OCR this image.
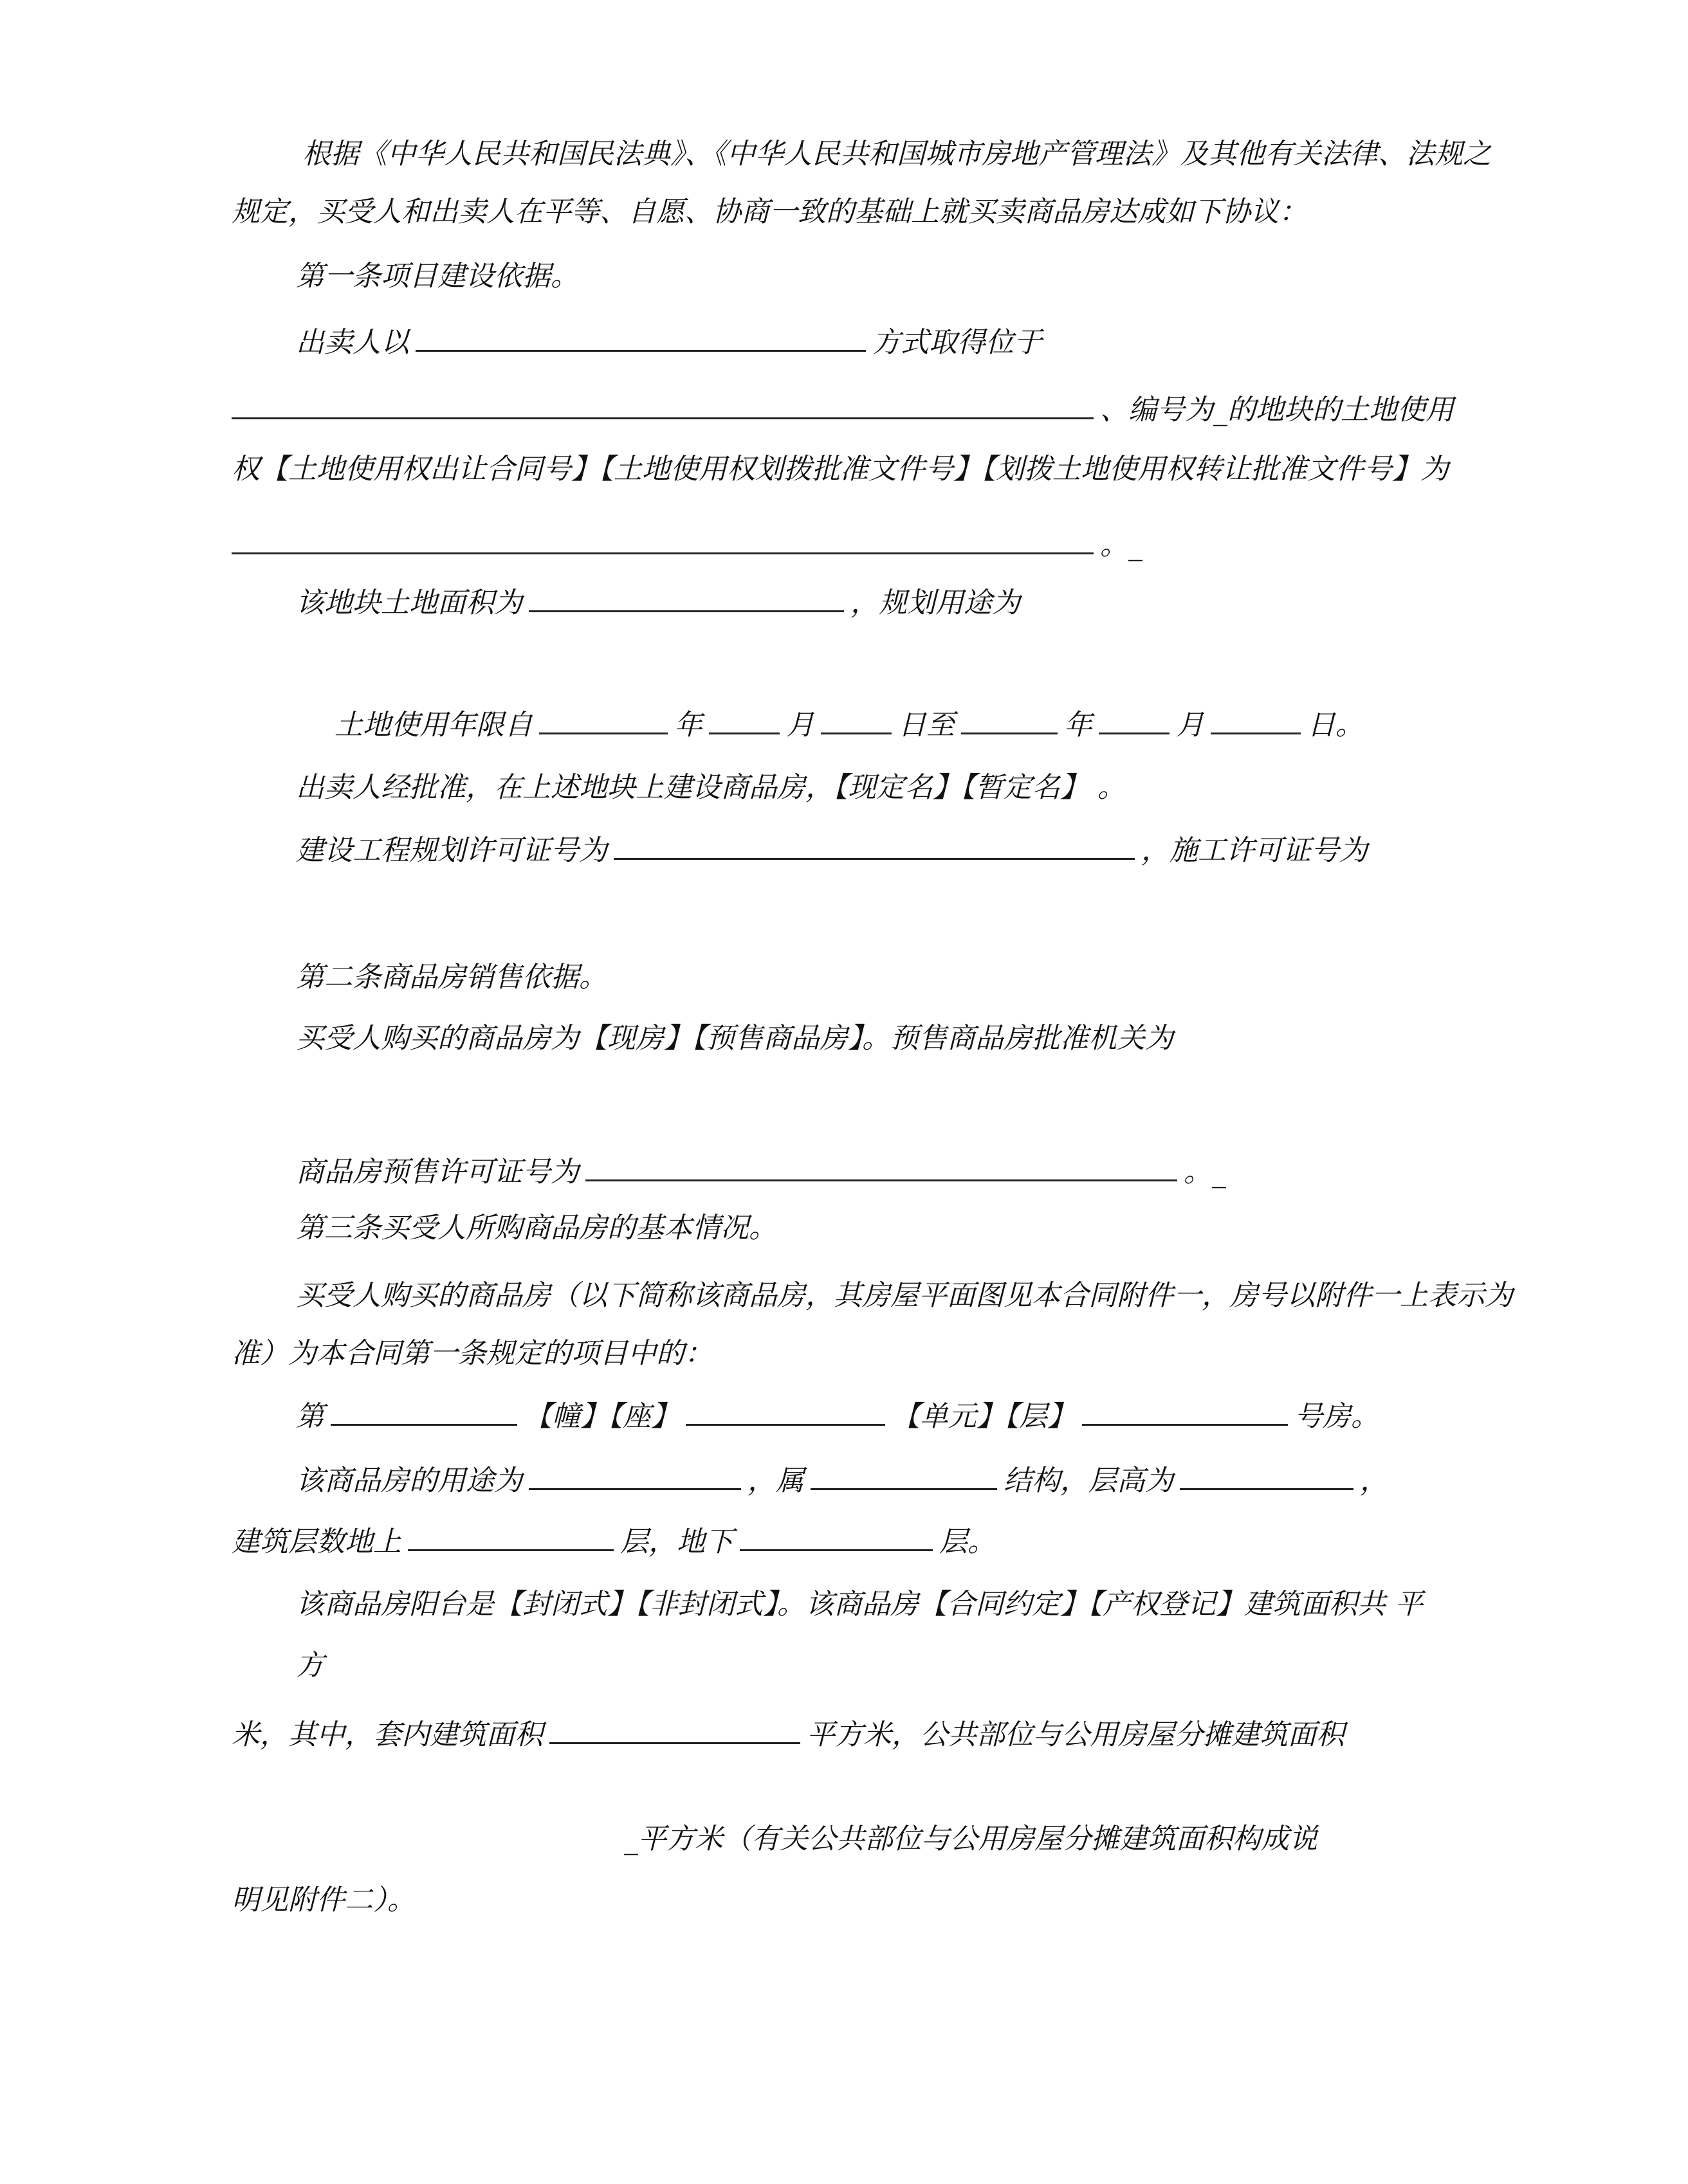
根据《中华人民共和国民法典》、《中华人民共和国城市房地产管理法》及其他有关法律、法规之
规定，买受人和出卖人在平等、自愿、协商一致的基础上就买卖商品房达成如下协议：
第一条项目建设依据。
出卖人以	方式取得位于
、编号为_的地块的土地使用
权【土地使用权出让合同号】【土地使用权划拨批准文件号】【划拨土地使用权转让批准文件号】为
。_
该地块土地面积为	，规划用途为
土地使用年限自	年	月	日至	年	月	日。
出卖人经批准，在上述地块上建设商品房，【现定名】【暂定名】 。
建设工程规划许可证号为	，施工许可证号为
第二条商品房销售依据。
买受人购买的商品房为【现房】【预售商品房】。预售商品房批准机关为
商品房预售许可证号为	。_
第三条买受人所购商品房的基本情况。
买受人购买的商品房（以下简称该商品房，其房屋平面图见本合同附件一，房号以附件一上表示为
准）为本合同第一条规定的项目中的：
第	【幢】【座】	【单元】【层】	号房。
该商品房的用途为	，属	结构，层高为	，
建筑层数地上	层，地下	层。
该商品房阳台是【封闭式】【非封闭式】。该商品房【合同约定】【产权登记】建筑面积共 平
方
米，其中，套内建筑面积	平方米，公共部位与公用房屋分摊建筑面积
_平方米（有关公共部位与公用房屋分摊建筑面积构成说
明见附件二）。
